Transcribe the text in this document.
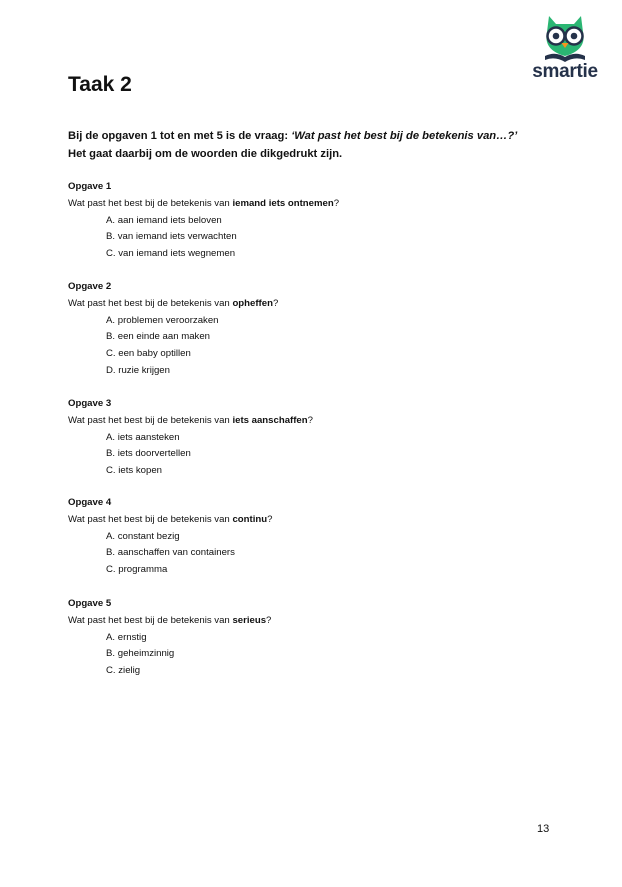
smartie
Taak 2
Bij de opgaven 1 tot en met 5 is de vraag: ‘Wat past het best bij de betekenis van…?’
Het gaat daarbij om de woorden die dikgedrukt zijn.
Opgave 1
Wat past het best bij de betekenis van iemand iets ontnemen?
A. aan iemand iets beloven
B. van iemand iets verwachten
C. van iemand iets wegnemen
Opgave 2
Wat past het best bij de betekenis van opheffen?
A. problemen veroorzaken
B. een einde aan maken
C. een baby optillen
D. ruzie krijgen
Opgave 3
Wat past het best bij de betekenis van iets aanschaffen?
A. iets aansteken
B. iets doorvertellen
C. iets kopen
Opgave 4
Wat past het best bij de betekenis van continu?
A. constant bezig
B. aanschaffen van containers
C. programma
Opgave 5
Wat past het best bij de betekenis van serieus?
A. ernstig
B. geheimzinnig
C. zielig
13
